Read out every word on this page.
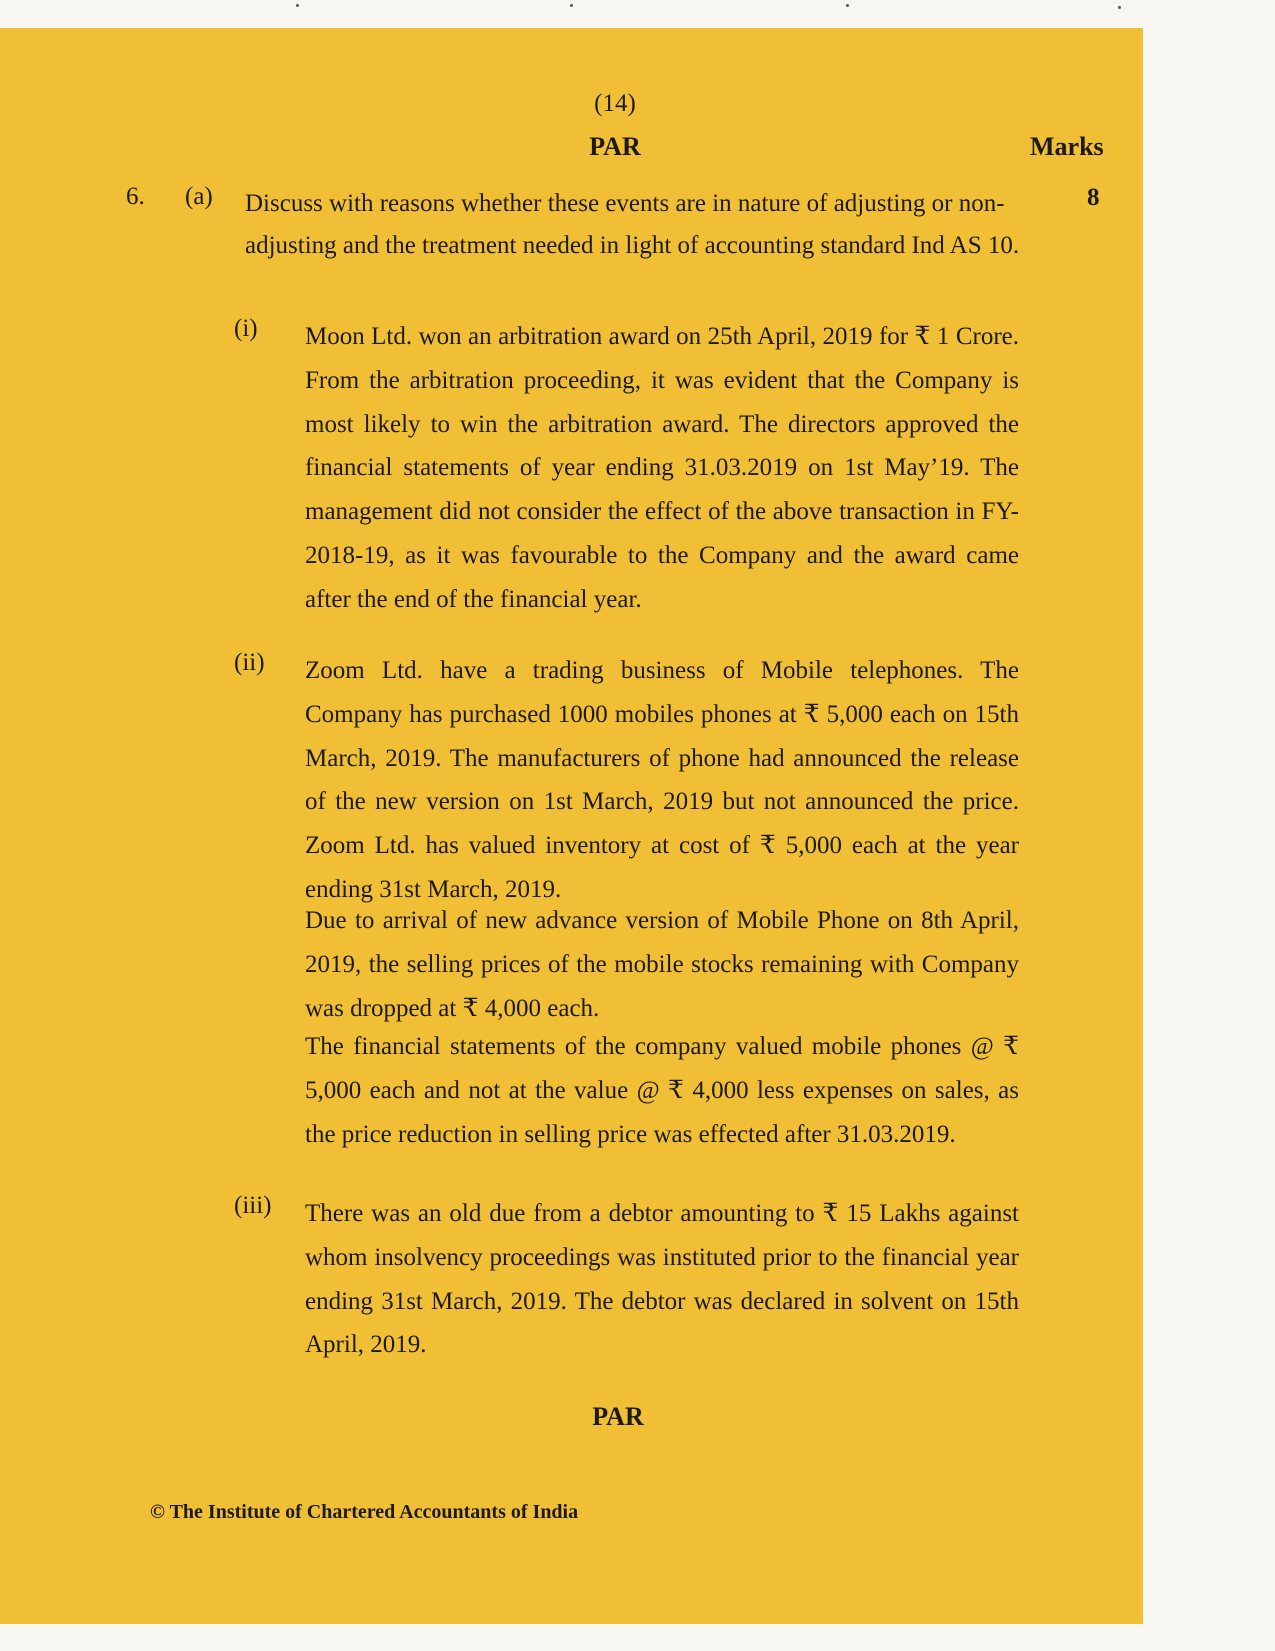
(14)
PAR	Marks
6. (a)	8
Discuss with reasons whether these events are in nature of adjusting or non-adjusting and the treatment needed in light of accounting standard Ind AS 10.
(i) Moon Ltd. won an arbitration award on 25th April, 2019 for ₹ 1 Crore. From the arbitration proceeding, it was evident that the Company is most likely to win the arbitration award. The directors approved the financial statements of year ending 31.03.2019 on 1st May’19. The management did not consider the effect of the above transaction in FY-2018-19, as it was favourable to the Company and the award came after the end of the financial year.
(ii) Zoom Ltd. have a trading business of Mobile telephones. The Company has purchased 1000 mobiles phones at ₹ 5,000 each on 15th March, 2019. The manufacturers of phone had announced the release of the new version on 1st March, 2019 but not announced the price. Zoom Ltd. has valued inventory at cost of ₹ 5,000 each at the year ending 31st March, 2019.
Due to arrival of new advance version of Mobile Phone on 8th April, 2019, the selling prices of the mobile stocks remaining with Company was dropped at ₹ 4,000 each.
The financial statements of the company valued mobile phones @ ₹ 5,000 each and not at the value @ ₹ 4,000 less expenses on sales, as the price reduction in selling price was effected after 31.03.2019.
(iii) There was an old due from a debtor amounting to ₹ 15 Lakhs against whom insolvency proceedings was instituted prior to the financial year ending 31st March, 2019. The debtor was declared in solvent on 15th April, 2019.
PAR
© The Institute of Chartered Accountants of India
